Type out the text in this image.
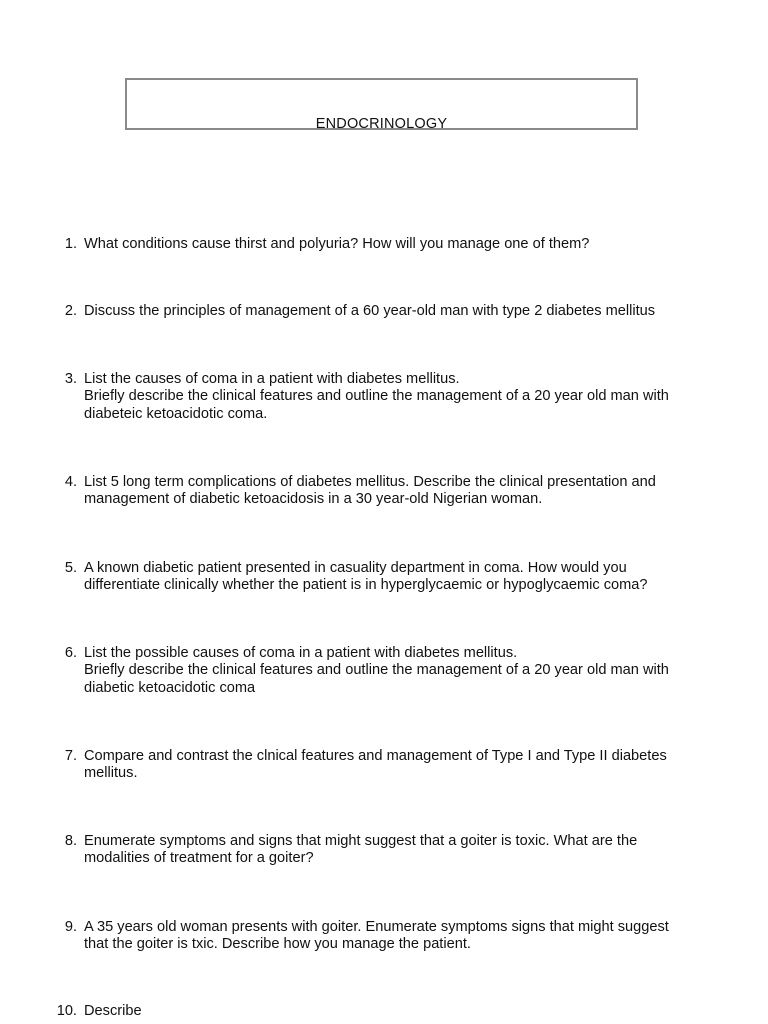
ENDOCRINOLOGY
1. What conditions cause thirst and polyuria? How will you manage one of them?
2. Discuss the principles of management of a 60 year-old man with type 2 diabetes mellitus
3. List the causes of coma in a patient with diabetes mellitus.
Briefly describe the clinical features and outline the management of a 20 year old man with
diabeteic ketoacidotic coma.
4. List 5 long term complications of diabetes mellitus. Describe the clinical presentation and
management of diabetic ketoacidosis in a 30 year-old Nigerian woman.
5. A known diabetic patient presented in casuality department in coma. How would you
differentiate clinically whether the patient is in hyperglycaemic or hypoglycaemic coma?
6. List the possible causes of coma in a patient with diabetes mellitus.
Briefly describe the clinical features and outline the management of a 20 year old man with
diabetic ketoacidotic coma
7. Compare and contrast the clnical features and management of Type I and Type II diabetes
mellitus.
8. Enumerate symptoms and signs that might suggest that a goiter is toxic. What are the
modalities of treatment for a goiter?
9. A 35 years old woman presents with goiter. Enumerate symptoms signs that might suggest
that the goiter is txic. Describe how you manage the patient.
10. Describe
